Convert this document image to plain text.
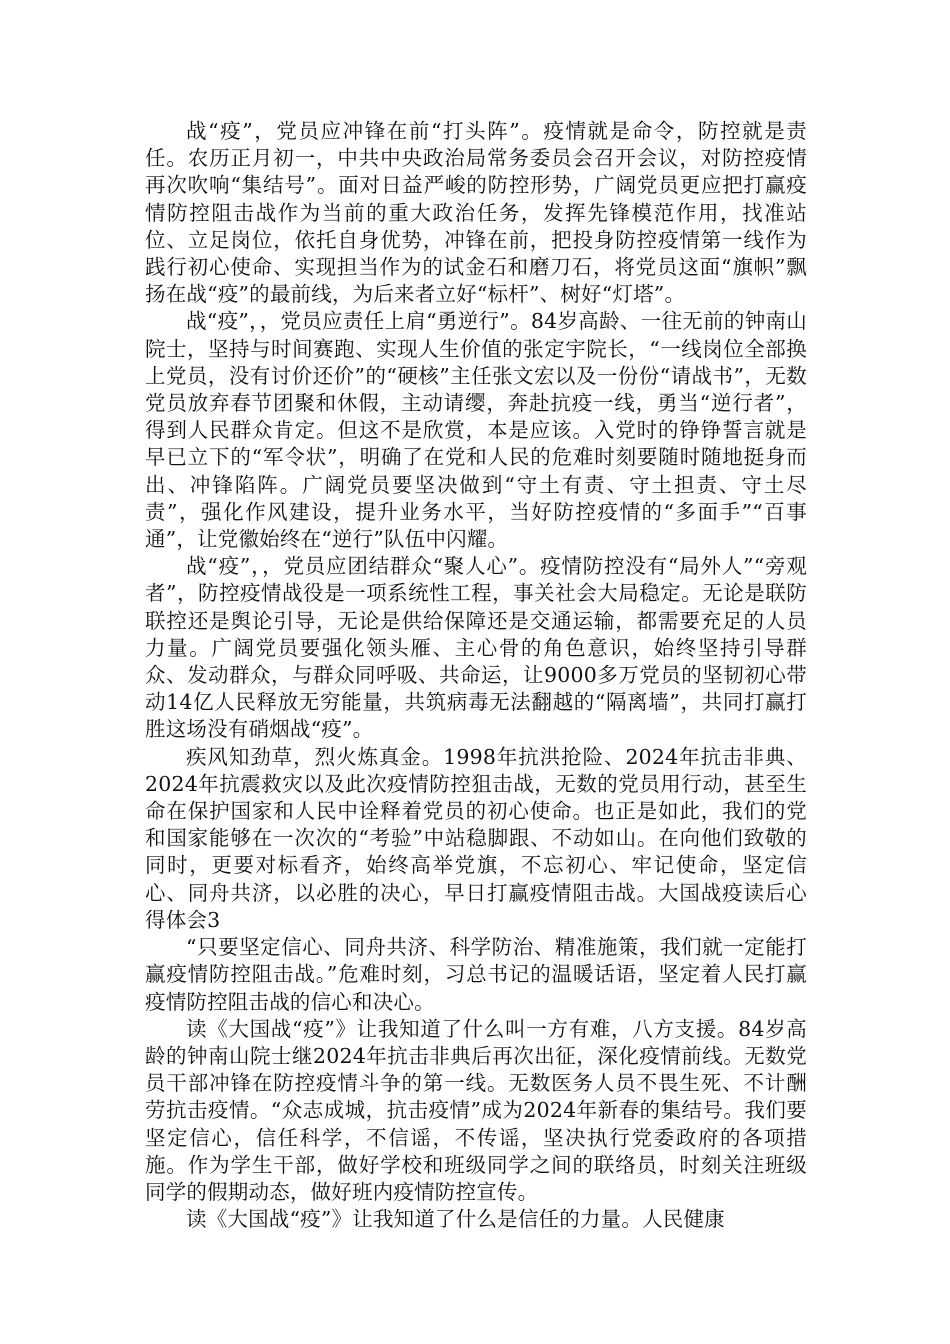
战“疫”，党员应冲锋在前“打头阵”。疫情就是命令，防控就是责任。农历正月初一，中共中央政治局常务委员会召开会议，对防控疫情再次吹响“集结号”。面对日益严峻的防控形势，广阔党员更应把打赢疫情防控阻击战作为当前的重大政治任务，发挥先锋模范作用，找准站位、立足岗位，依托自身优势，冲锋在前，把投身防控疫情第一线作为践行初心使命、实现担当作为的试金石和磨刀石，将党员这面“旗帜”飘扬在战“疫”的最前线，为后来者立好“标杆”、树好“灯塔”。

战“疫”，，党员应责任上肩“勇逆行”。84岁高龄、一往无前的钟南山院士，坚持与时间赛跑、实现人生价值的张定宇院长，“一线岗位全部换上党员，没有讨价还价”的“硬核”主任张文宏以及一份份“请战书”，无数党员放弃春节团聚和休假，主动请缨，奔赴抗疫一线，勇当“逆行者”，得到人民群众肯定。但这不是欣赏，本是应该。入党时的铮铮誓言就是早已立下的“军令状”，明确了在党和人民的危难时刻要随时随地挺身而出、冲锋陷阵。广阔党员要坚决做到“守土有责、守土担责、守土尽责”，强化作风建设，提升业务水平，当好防控疫情的“多面手”“百事通”，让党徽始终在“逆行”队伍中闪耀。

战“疫”，，党员应团结群众“聚人心”。疫情防控没有“局外人”“旁观者”，防控疫情战役是一项系统性工程，事关社会大局稳定。无论是联防联控还是舆论引导，无论是供给保障还是交通运输，都需要充足的人员力量。广阔党员要强化领头雁、主心骨的角色意识，始终坚持引导群众、发动群众，与群众同呼吸、共命运，让9000多万党员的坚韧初心带动14亿人民释放无穷能量，共筑病毒无法翻越的“隔离墙”，共同打赢打胜这场没有硝烟战“疫”。

疾风知劲草，烈火炼真金。1998年抗洪抢险、2024年抗击非典、2024年抗震救灾以及此次疫情防控狙击战，无数的党员用行动，甚至生命在保护国家和人民中诠释着党员的初心使命。也正是如此，我们的党和国家能够在一次次的“考验”中站稳脚跟、不动如山。在向他们致敬的同时，更要对标看齐，始终高举党旗，不忘初心、牢记使命，坚定信心、同舟共济，以必胜的决心，早日打赢疫情阻击战。大国战疫读后心得体会3

“只要坚定信心、同舟共济、科学防治、精准施策，我们就一定能打赢疫情防控阻击战。”危难时刻，习总书记的温暖话语，坚定着人民打赢疫情防控阻击战的信心和决心。

读《大国战“疫”》让我知道了什么叫一方有难，八方支援。84岁高龄的钟南山院士继2024年抗击非典后再次出征，深化疫情前线。无数党员干部冲锋在防控疫情斗争的第一线。无数医务人员不畏生死、不计酬劳抗击疫情。“众志成城，抗击疫情”成为2024年新春的集结号。我们要坚定信心，信任科学，不信谣，不传谣，坚决执行党委政府的各项措施。作为学生干部，做好学校和班级同学之间的联络员，时刻关注班级同学的假期动态，做好班内疫情防控宣传。

读《大国战“疫”》让我知道了什么是信任的力量。人民健康
